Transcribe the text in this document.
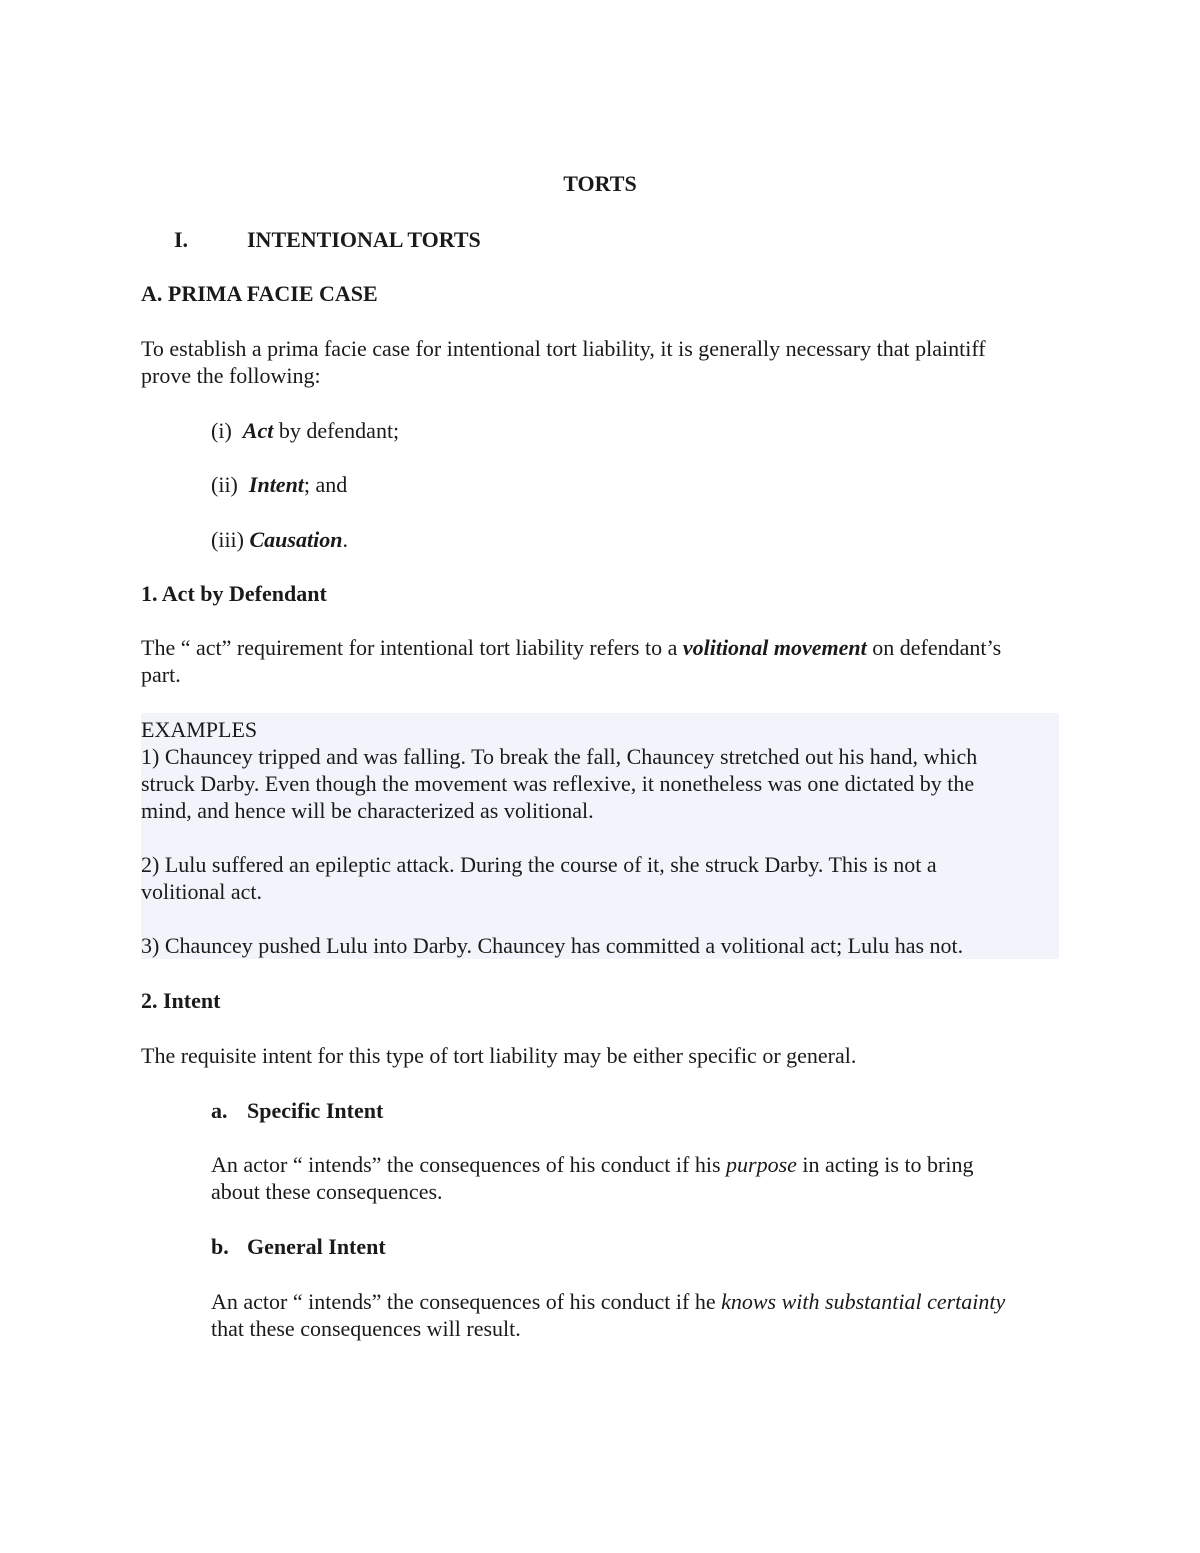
TORTS
I.	INTENTIONAL TORTS
A. PRIMA FACIE CASE
To establish a prima facie case for intentional tort liability, it is generally necessary that plaintiff
prove the following:
(i) Act by defendant;
(ii) Intent; and
(iii) Causation.
1. Act by Defendant
The “ act” requirement for intentional tort liability refers to a volitional movement on defendant’s
part.
EXAMPLES
1) Chauncey tripped and was falling. To break the fall, Chauncey stretched out his hand, which
struck Darby. Even though the movement was reflexive, it nonetheless was one dictated by the
mind, and hence will be characterized as volitional.
2) Lulu suffered an epileptic attack. During the course of it, she struck Darby. This is not a
volitional act.
3) Chauncey pushed Lulu into Darby. Chauncey has committed a volitional act; Lulu has not.
2. Intent
The requisite intent for this type of tort liability may be either specific or general.
a. Specific Intent
An actor “ intends” the consequences of his conduct if his purpose in acting is to bring
about these consequences.
b. General Intent
An actor “ intends” the consequences of his conduct if he knows with substantial certainty
that these consequences will result.
